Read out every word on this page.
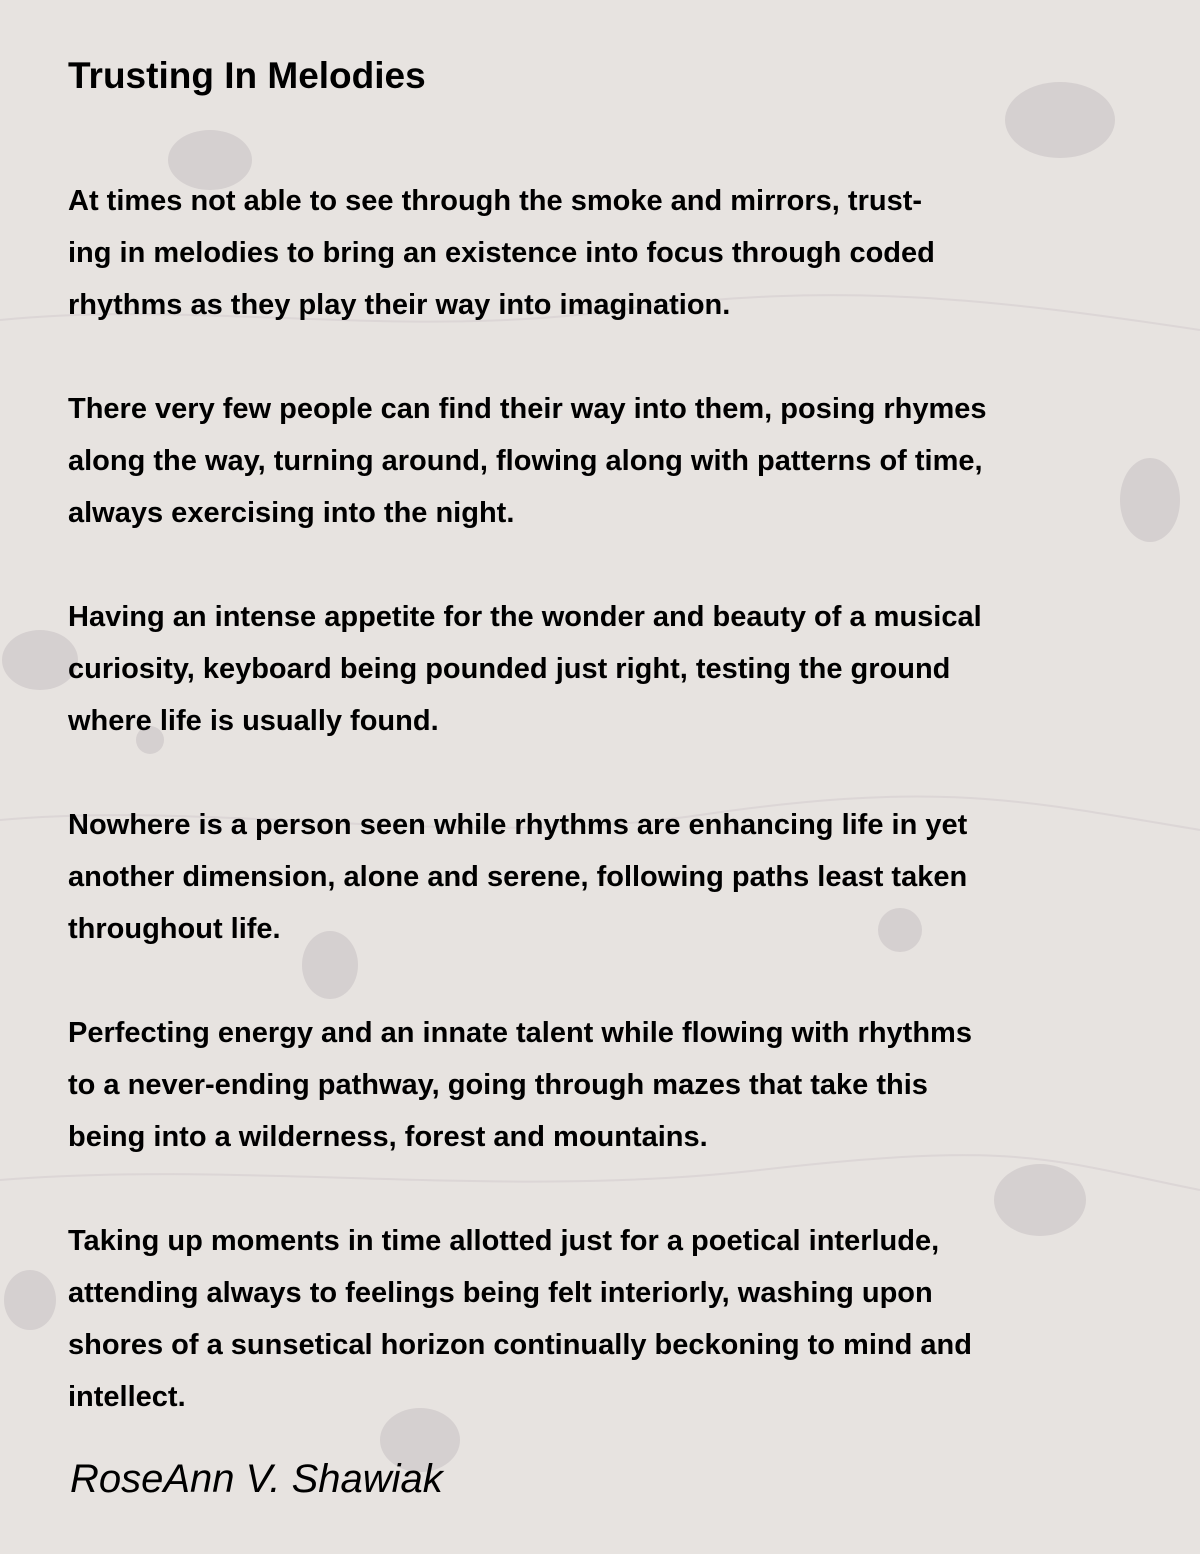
Trusting In Melodies
At times not able to see through the smoke and mirrors, trust-
ing in melodies to bring an existence into focus through coded
rhythms as they play their way into imagination.
There very few people can find their way into them, posing rhymes
along the way, turning around, flowing along with patterns of time,
always exercising into the night.
Having an intense appetite for the wonder and beauty of a musical
curiosity, keyboard being pounded just right, testing the ground
where life is usually found.
Nowhere is a person seen while rhythms are enhancing life in yet
another dimension, alone and serene, following paths least taken
throughout life.
Perfecting energy and an innate talent while flowing with rhythms
to a never-ending pathway, going through mazes that take this
being into a wilderness, forest and mountains.
Taking up moments in time allotted just for a poetical interlude,
attending always to feelings being felt interiorly, washing upon
shores of a sunsetical horizon continually beckoning to mind and
intellect.
RoseAnn V. Shawiak
